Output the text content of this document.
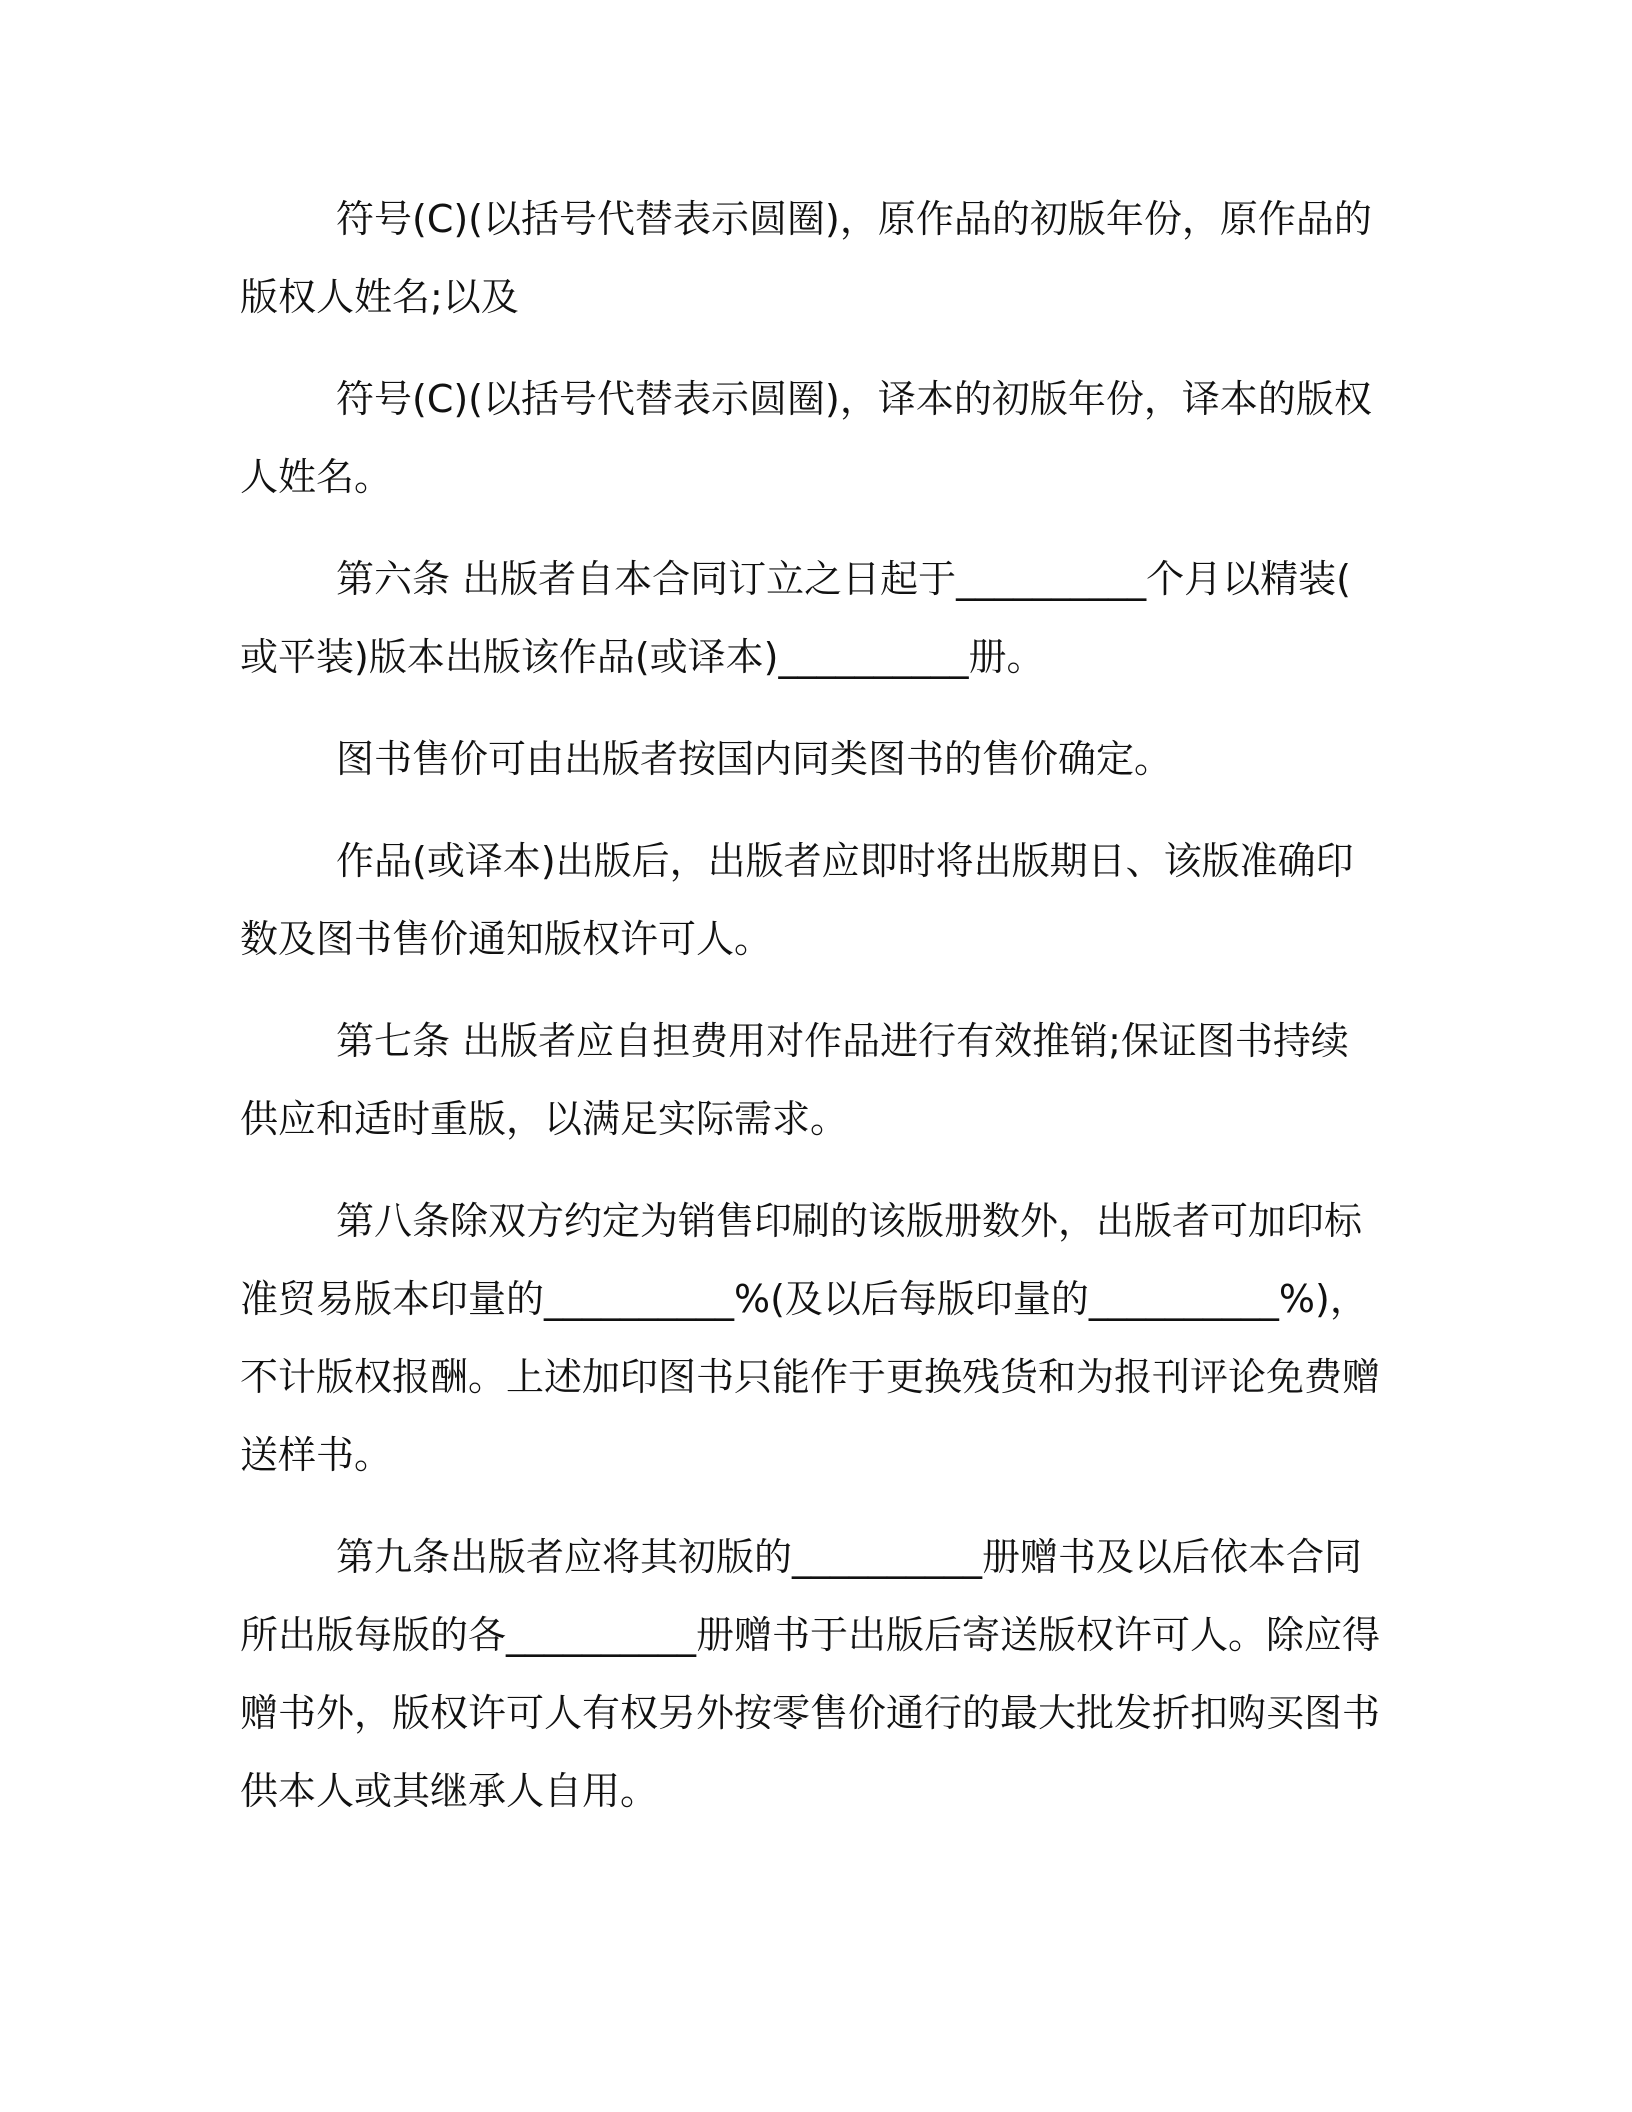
符号(C)(以括号代替表示圆圈)，原作品的初版年份，原作品的版权人姓名;以及

符号(C)(以括号代替表示圆圈)，译本的初版年份，译本的版权人姓名。

第六条 出版者自本合同订立之日起于__________个月以精装(或平装)版本出版该作品(或译本)__________册。

图书售价可由出版者按国内同类图书的售价确定。

作品(或译本)出版后，出版者应即时将出版期日、该版准确印数及图书售价通知版权许可人。

第七条 出版者应自担费用对作品进行有效推销;保证图书持续供应和适时重版，以满足实际需求。

第八条除双方约定为销售印刷的该版册数外，出版者可加印标准贸易版本印量的__________%(及以后每版印量的__________%)，不计版权报酬。上述加印图书只能作于更换残货和为报刊评论免费赠送样书。

第九条出版者应将其初版的__________册赠书及以后依本合同所出版每版的各__________册赠书于出版后寄送版权许可人。除应得赠书外，版权许可人有权另外按零售价通行的最大批发折扣购买图书供本人或其继承人自用。
